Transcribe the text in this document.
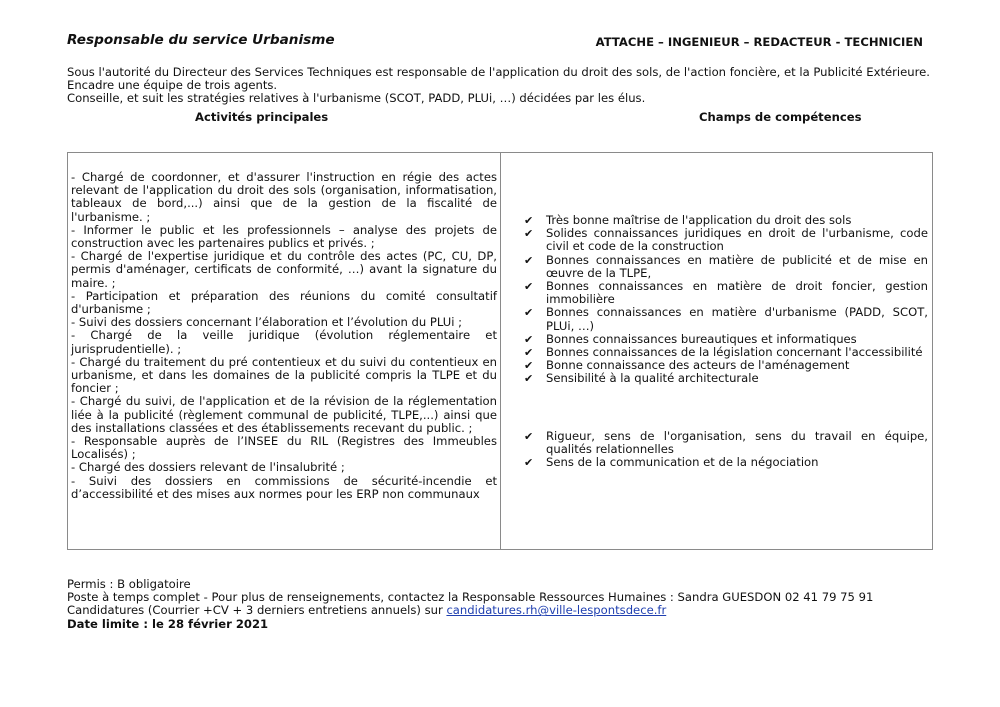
Responsable du service Urbanisme	ATTACHE – INGENIEUR – REDACTEUR - TECHNICIEN

Sous l'autorité du Directeur des Services Techniques est responsable de l'application du droit des sols, de l'action foncière, et la Publicité Extérieure.

Encadre une équipe de trois agents.

Conseille, et suit les stratégies relatives à l'urbanisme (SCOT, PADD, PLUi, …) décidées par les élus.

Activités principales	Champs de compétences

- Chargé de coordonner, et d'assurer l'instruction en régie des actes relevant de l'application du droit des sols (organisation, informatisation, tableaux de bord,...) ainsi que de la gestion de la fiscalité de l'urbanisme. ;

- Informer le public et les professionnels – analyse des projets de construction avec les partenaires publics et privés. ;

- Chargé de l'expertise juridique et du contrôle des actes (PC, CU, DP, permis d'aménager, certificats de conformité, …) avant la signature du maire. ;

- Participation et préparation des réunions du comité consultatif d'urbanisme ;

- Suivi des dossiers concernant l’élaboration et l’évolution du PLUi ;

- Chargé de la veille juridique (évolution réglementaire et jurisprudentielle). ;

- Chargé du traitement du pré contentieux et du suivi du contentieux en urbanisme, et dans les domaines de la publicité compris la TLPE et du foncier ;

- Chargé du suivi, de l'application et de la révision de la réglementation liée à la publicité (règlement communal de publicité, TLPE,...) ainsi que des installations classées et des établissements recevant du public. ;

- Responsable auprès de l’INSEE du RIL (Registres des Immeubles Localisés) ;

- Chargé des dossiers relevant de l'insalubrité ;

- Suivi des dossiers en commissions de sécurité-incendie et d’accessibilité et des mises aux normes pour les ERP non communaux

✔ Très bonne maîtrise de l'application du droit des sols
✔ Solides connaissances juridiques en droit de l'urbanisme, code civil et code de la construction
✔ Bonnes connaissances en matière de publicité et de mise en œuvre de la TLPE,
✔ Bonnes connaissances en matière de droit foncier, gestion immobilière
✔ Bonnes connaissances en matière d'urbanisme (PADD, SCOT, PLUi, …)
✔ Bonnes connaissances bureautiques et informatiques
✔ Bonnes connaissances de la législation concernant l'accessibilité
✔ Bonne connaissance des acteurs de l'aménagement
✔ Sensibilité à la qualité architecturale
✔ Rigueur, sens de l'organisation, sens du travail en équipe, qualités relationnelles
✔ Sens de la communication et de la négociation

Permis : B obligatoire

Poste à temps complet - Pour plus de renseignements, contactez la Responsable Ressources Humaines : Sandra GUESDON 02 41 79 75 91

Candidatures (Courrier +CV + 3 derniers entretiens annuels) sur candidatures.rh@ville-lespontsdece.fr

Date limite : le 28 février 2021
